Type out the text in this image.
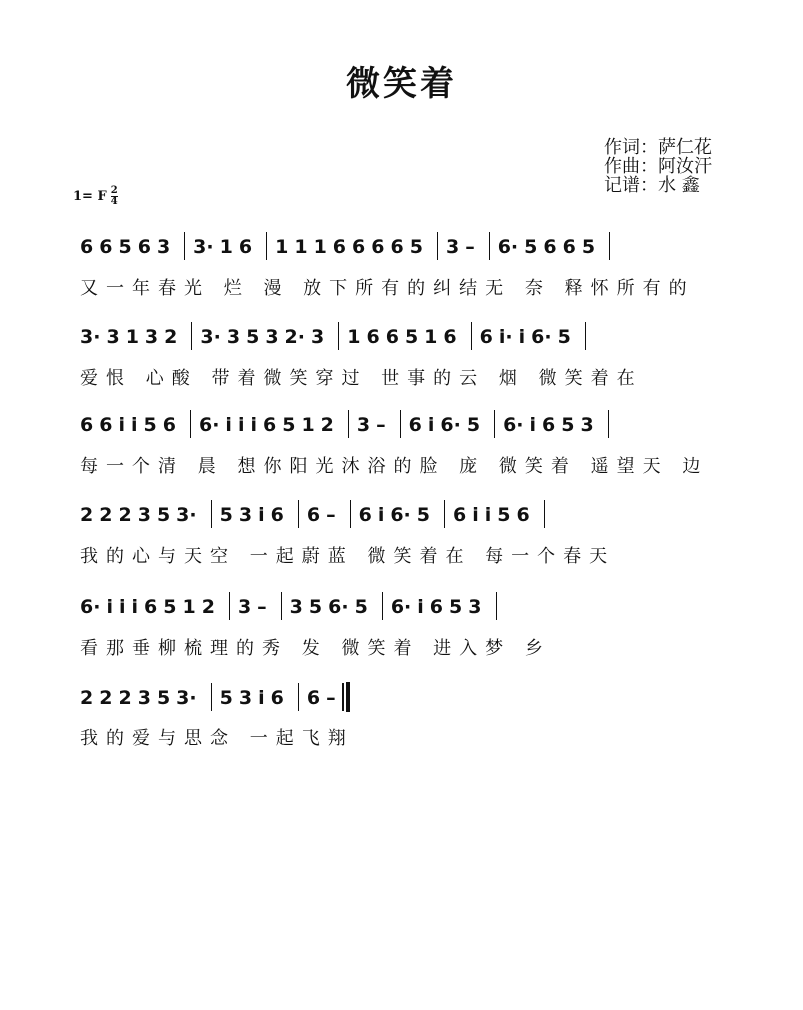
微笑着
作词：萨仁花
作曲：阿汝汗
记谱：水 鑫
1= F $\frac{2}{4}$
6 6 5 6 3 3· 1 6 1 1 1 6 6 6 6 5 3 – 6· 5 6 6 5
又一年春光 烂 漫 放下所有的纠结无 奈 释怀所有的
3· 3 1 3 2 3· 3 5 3 2· 3 1 6 6 5 1 6 6 i· i 6· 5
爱恨 心酸 带着微笑穿过 世事的云 烟 微笑着在
6 6 i i 5 6 6· i i i 6 5 1 2 3 – 6 i 6· 5 6· i 6 5 3
每一个清 晨 想你阳光沐浴的脸 庞 微笑着 遥望天 边
2 2 2 3 5 3· 5 3 i 6 6 – 6 i 6· 5 6 i i 5 6
我的心与天空 一起蔚蓝 微笑着在 每一个春天
6· i i i 6 5 1 2 3 – 3 5 6· 5 6· i 6 5 3
看那垂柳梳理的秀 发 微笑着 进入梦 乡
2 2 2 3 5 3· 5 3 i 6 6 –
我的爱与思念 一起飞翔
